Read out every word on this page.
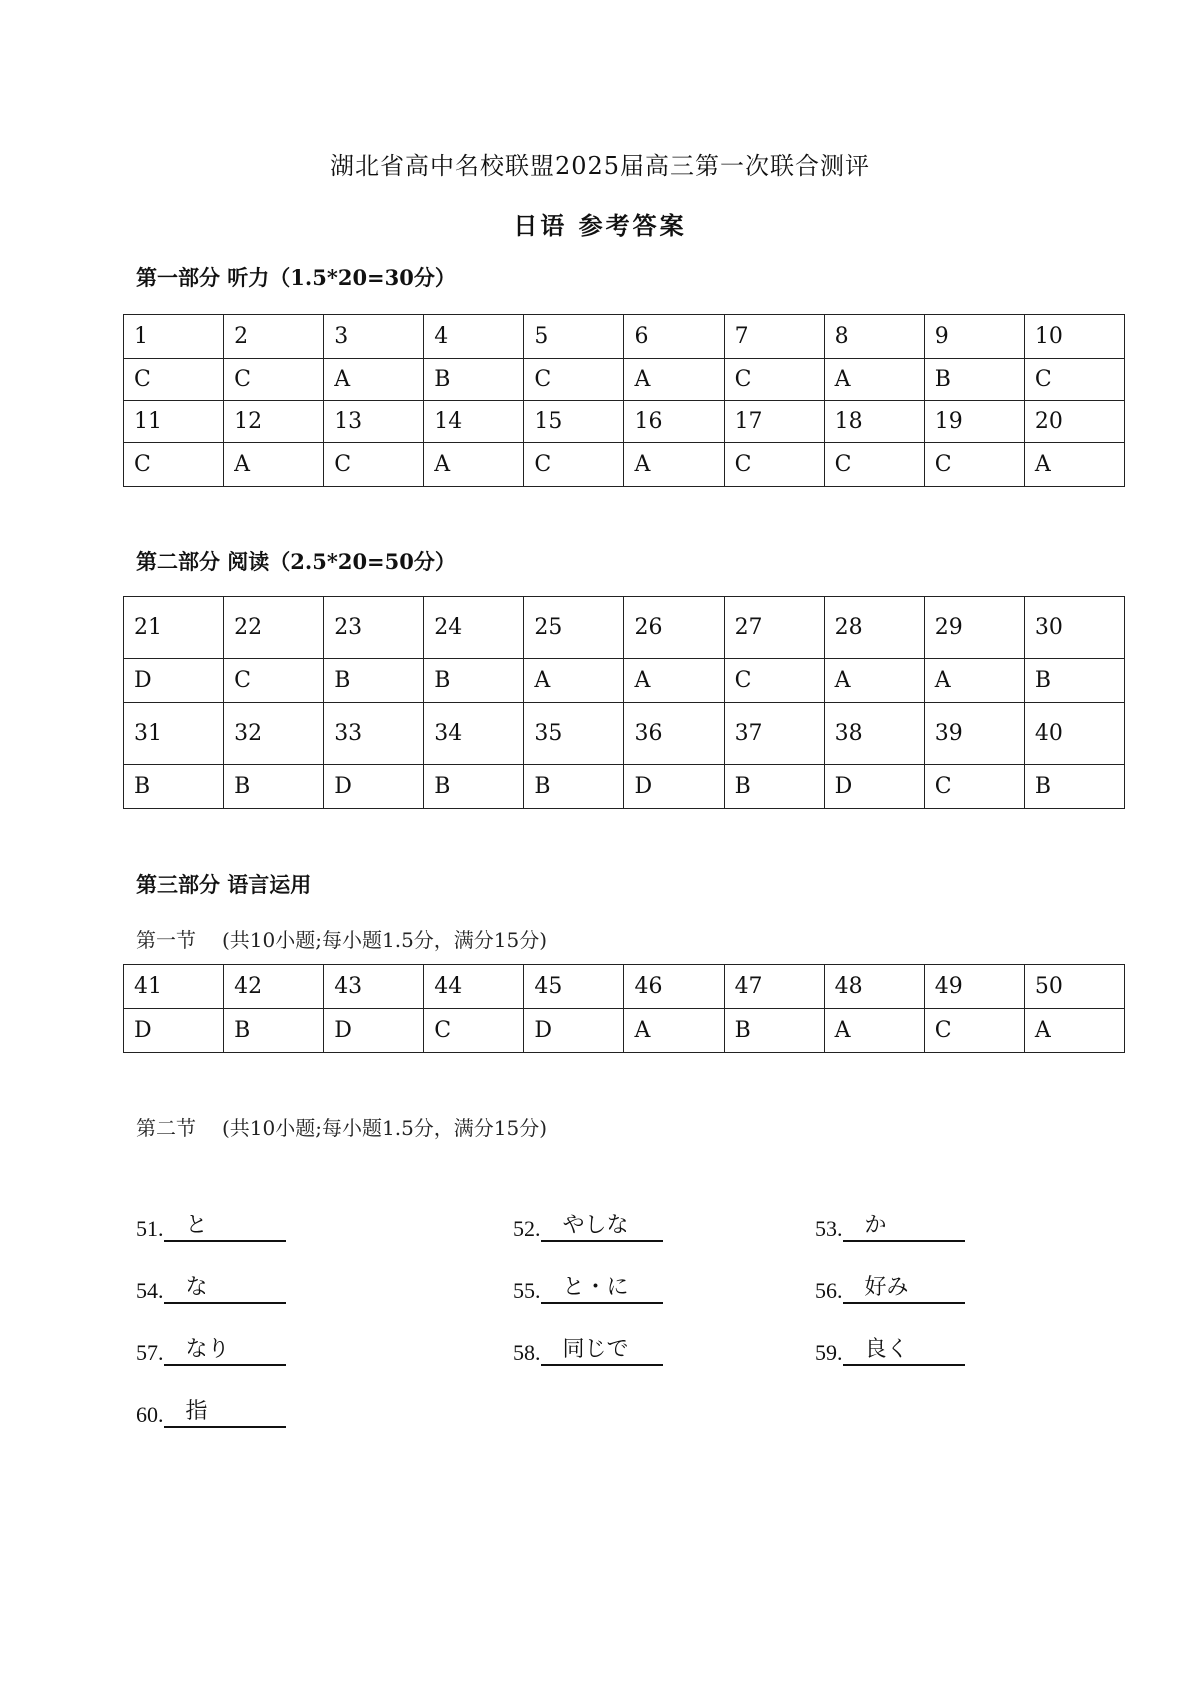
湖北省高中名校联盟2025届高三第一次联合测评
日语 参考答案
第一部分 听力（1.5*20=30分）
1	2	3	4	5	6	7	8	9	10
C	C	A	B	C	A	C	A	B	C
11	12	13	14	15	16	17	18	19	20
C	A	C	A	C	A	C	C	C	A
第二部分 阅读（2.5*20=50分）
21	22	23	24	25	26	27	28	29	30
D	C	B	B	A	A	C	A	A	B
31	32	33	34	35	36	37	38	39	40
B	B	D	B	B	D	B	D	C	B
第三部分 语言运用
第一节 (共10小题;每小题1.5分，满分15分)
41	42	43	44	45	46	47	48	49	50
D	B	D	C	D	A	B	A	C	A
第二节 (共10小题;每小题1.5分，满分15分)
51.	と	52.	やしな	53.	か
54.	な	55.	と・に	56.	好み
57.	なり	58.	同じで	59.	良く
60.	指
